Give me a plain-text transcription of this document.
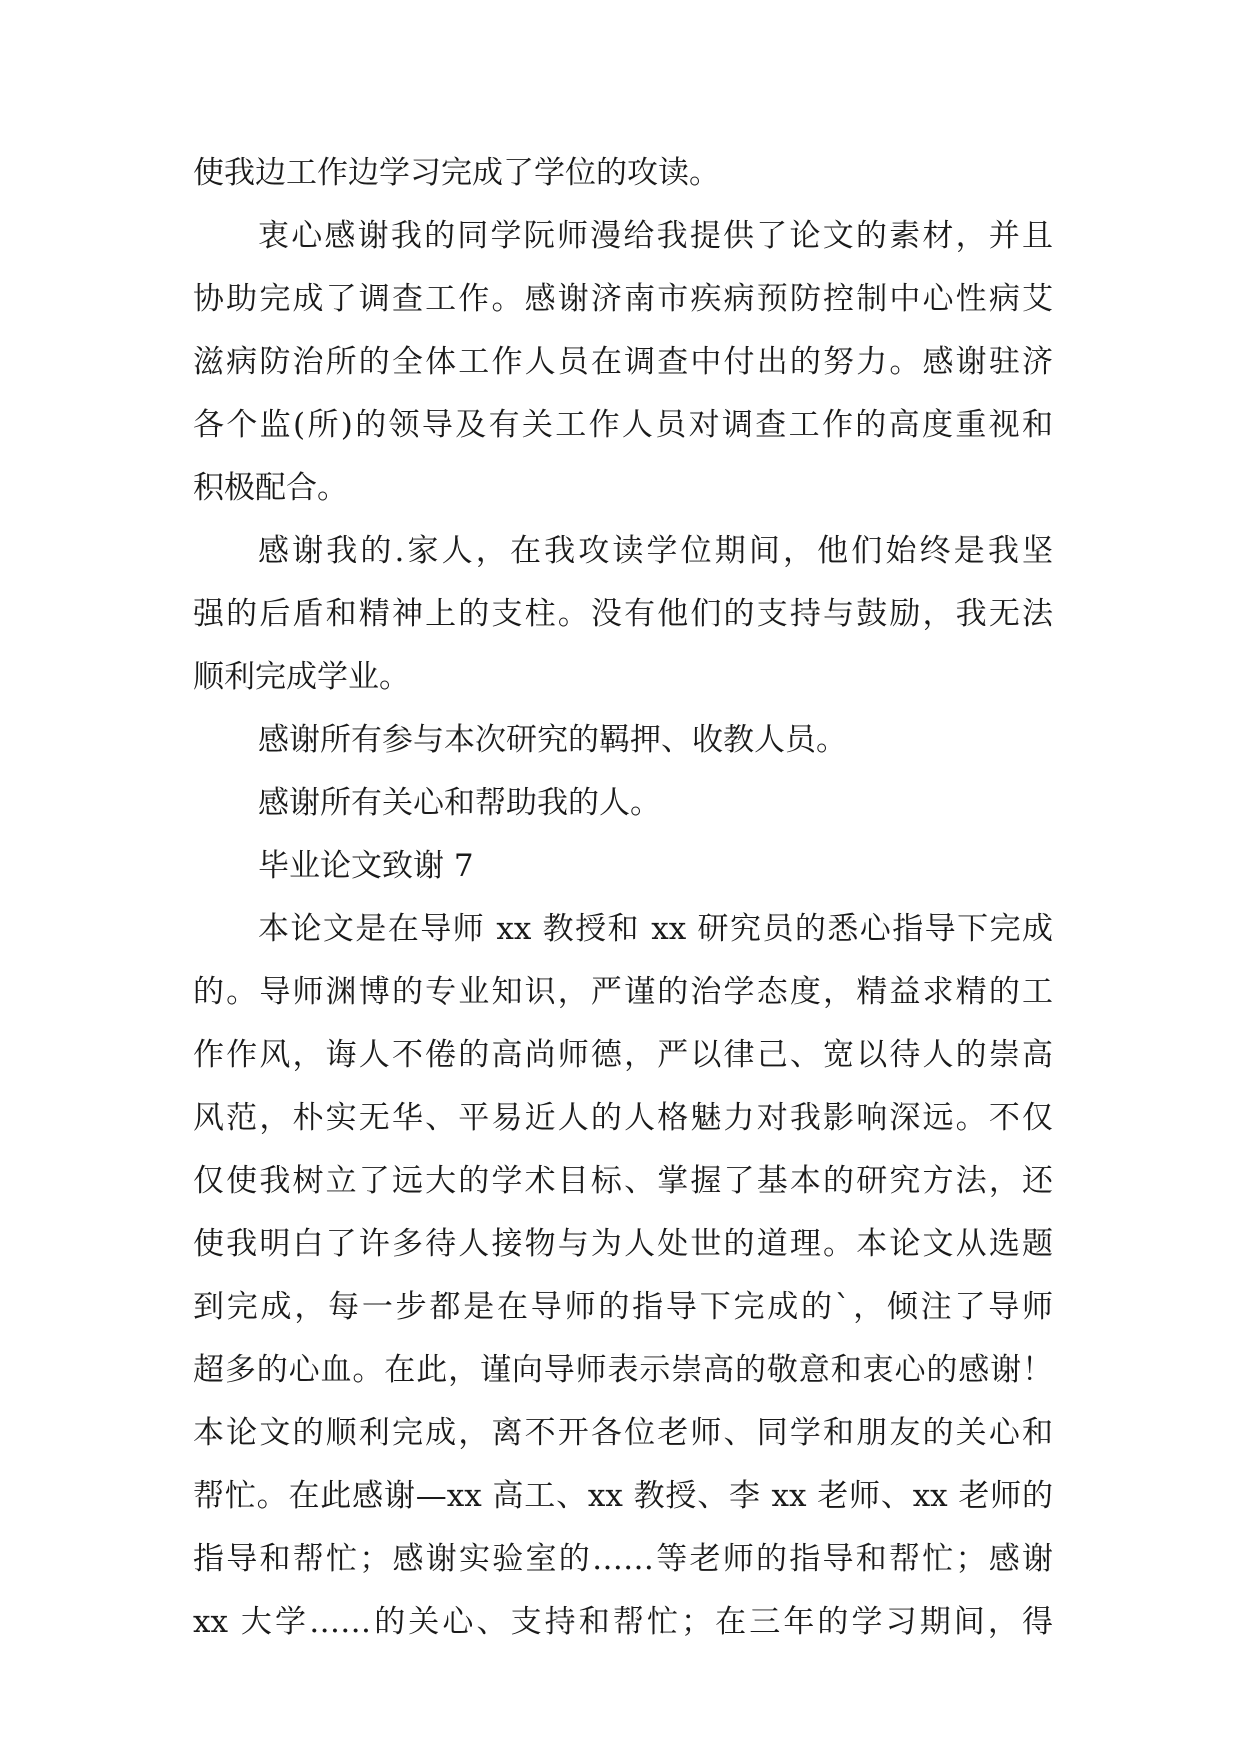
使我边工作边学习完成了学位的攻读。
衷心感谢我的同学阮师漫给我提供了论文的素材，并且
协助完成了调查工作。感谢济南市疾病预防控制中心性病艾
滋病防治所的全体工作人员在调查中付出的努力。感谢驻济
各个监(所)的领导及有关工作人员对调查工作的高度重视和
积极配合。
感谢我的.家人，在我攻读学位期间，他们始终是我坚
强的后盾和精神上的支柱。没有他们的支持与鼓励，我无法
顺利完成学业。
感谢所有参与本次研究的羁押、收教人员。
感谢所有关心和帮助我的人。
毕业论文致谢 7
本论文是在导师 xx 教授和 xx 研究员的悉心指导下完成
的。导师渊博的专业知识，严谨的治学态度，精益求精的工
作作风，诲人不倦的高尚师德，严以律己、宽以待人的崇高
风范，朴实无华、平易近人的人格魅力对我影响深远。不仅
仅使我树立了远大的学术目标、掌握了基本的研究方法，还
使我明白了许多待人接物与为人处世的道理。本论文从选题
到完成，每一步都是在导师的指导下完成的`，倾注了导师
超多的心血。在此，谨向导师表示崇高的敬意和衷心的感谢！
本论文的顺利完成，离不开各位老师、同学和朋友的关心和
帮忙。在此感谢—xx 高工、xx 教授、李 xx 老师、xx 老师的
指导和帮忙；感谢实验室的……等老师的指导和帮忙；感谢
xx 大学……的关心、支持和帮忙；在三年的学习期间，得
